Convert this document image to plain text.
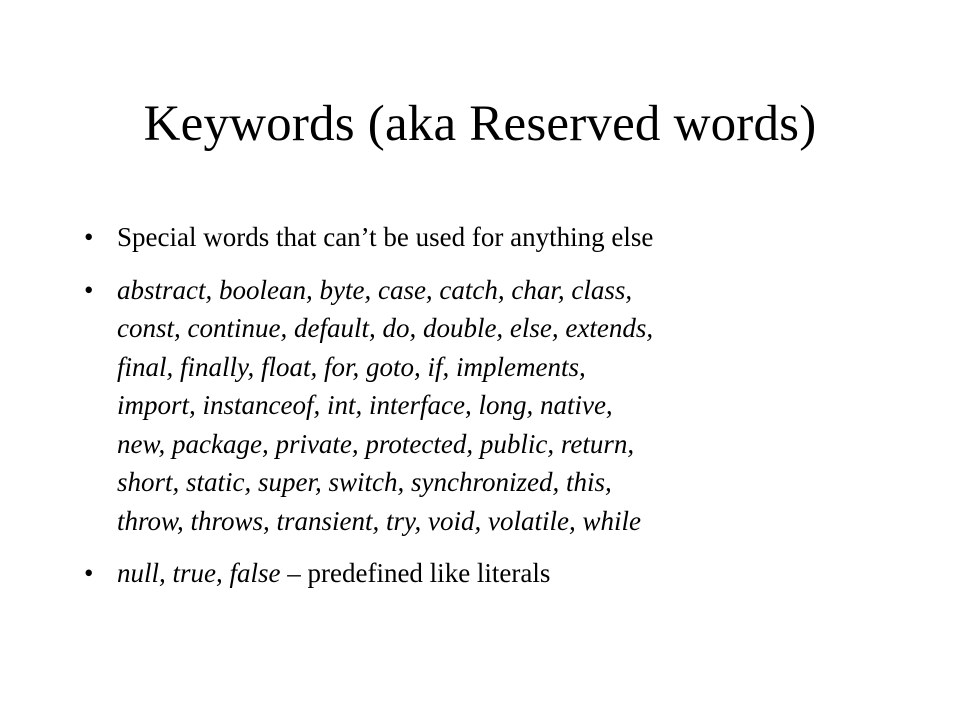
Keywords (aka Reserved words)
• Special words that can’t be used for anything else
• abstract, boolean, byte, case, catch, char, class,
const, continue, default, do, double, else, extends,
final, finally, float, for, goto, if, implements,
import, instanceof, int, interface, long, native,
new, package, private, protected, public, return,
short, static, super, switch, synchronized, this,
throw, throws, transient, try, void, volatile, while
• null, true, false – predefined like literals
